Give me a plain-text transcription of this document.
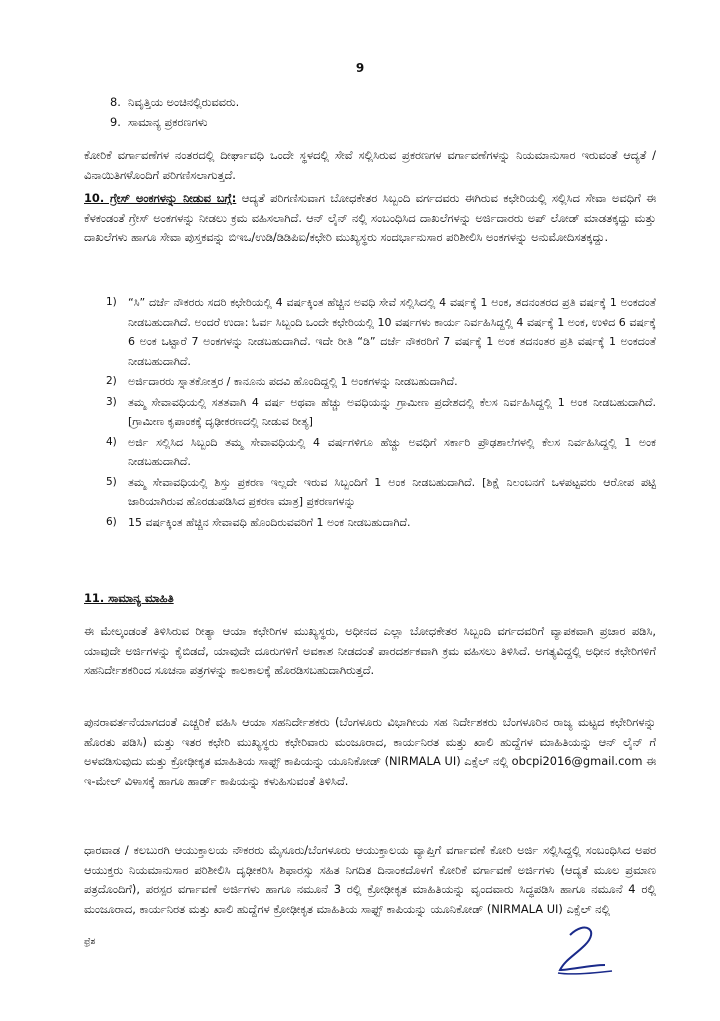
9
8. ನಿವೃತ್ತಿಯ ಅಂಚಿನಲ್ಲಿರುವವರು.
9. ಸಾಮಾನ್ಯ ಪ್ರಕರಣಗಳು
ಕೋರಿಕೆ ವರ್ಗಾವಣೆಗಳ ನಂತರದಲ್ಲಿ ದೀರ್ಘಾವಧಿ ಒಂದೇ ಸ್ಥಳದಲ್ಲಿ ಸೇವೆ ಸಲ್ಲಿಸಿರುವ ಪ್ರಕರಣಗಳ ವರ್ಗಾವಣೆಗಳನ್ನು ನಿಯಮಾನುಸಾರ ಇರುವಂತೆ ಆದ್ಯತೆ / ವಿನಾಯಿತಿಗಳೊಂದಿಗೆ ಪರಿಗಣಿಸಲಾಗುತ್ತದೆ.
10. ಗ್ರೇಸ್ ಅಂಕಗಳನ್ನು ನೀಡುವ ಬಗ್ಗೆ: ಆದ್ಯತೆ ಪರಿಗಣಿಸುವಾಗ ಬೋಧಕೇತರ ಸಿಬ್ಬಂದಿ ವರ್ಗದವರು ಈಗಿರುವ ಕಛೇರಿಯಲ್ಲಿ ಸಲ್ಲಿಸಿದ ಸೇವಾ ಅವಧಿಗೆ ಈ ಕೆಳಕಂಡಂತೆ ಗ್ರೇಸ್ ಅಂಕಗಳನ್ನು ನೀಡಲು ಕ್ರಮ ವಹಿಸಲಾಗಿದೆ. ಆನ್ ಲೈನ್ ನಲ್ಲಿ ಸಂಬಂಧಿಸಿದ ದಾಖಲೆಗಳನ್ನು ಅರ್ಜಿದಾರರು ಅಪ್ ಲೋಡ್ ಮಾಡತಕ್ಕದ್ದು ಮತ್ತು ದಾಖಲೆಗಳು ಹಾಗೂ ಸೇವಾ ಪುಸ್ತಕವನ್ನು ಬಿಇಒ/ಉಡಿ/ಡಿಡಿಪಿಐ/ಕಛೇರಿ ಮುಖ್ಯಸ್ಥರು ಸಂದರ್ಭಾನುಸಾರ ಪರಿಶೀಲಿಸಿ ಅಂಕಗಳನ್ನು ಅನುಮೋದಿಸತಕ್ಕದ್ದು.
1)	“ಸಿ” ದರ್ಜೆ ನೌಕರರು ಸದರಿ ಕಛೇರಿಯಲ್ಲಿ 4 ವರ್ಷಕ್ಕಿಂತ ಹೆಚ್ಚಿನ ಅವಧಿ ಸೇವೆ ಸಲ್ಲಿಸಿದಲ್ಲಿ 4 ವರ್ಷಕ್ಕೆ 1 ಅಂಕ, ತದನಂತರದ ಪ್ರತಿ ವರ್ಷಕ್ಕೆ 1 ಅಂಕದಂತೆ ನೀಡಬಹುದಾಗಿದೆ. ಅಂದರೆ ಉದಾ: ಓರ್ವ ಸಿಬ್ಬಂದಿ ಒಂದೇ ಕಛೇರಿಯಲ್ಲಿ 10 ವರ್ಷಗಳು ಕಾರ್ಯ ನಿರ್ವಹಿಸಿದ್ದಲ್ಲಿ 4 ವರ್ಷಕ್ಕೆ 1 ಅಂಕ, ಉಳಿದ 6 ವರ್ಷಕ್ಕೆ 6 ಅಂಕ ಒಟ್ಟಾರೆ 7 ಅಂಕಗಳನ್ನು ನೀಡಬಹುದಾಗಿದೆ. ಇದೇ ರೀತಿ “ಡಿ” ದರ್ಜೆ ನೌಕರರಿಗೆ 7 ವರ್ಷಕ್ಕೆ 1 ಅಂಕ ತದನಂತರ ಪ್ರತಿ ವರ್ಷಕ್ಕೆ 1 ಅಂಕದಂತೆ ನೀಡಬಹುದಾಗಿದೆ.
2)	ಅರ್ಜಿದಾರರು ಸ್ನಾತಕೋತ್ತರ / ಕಾನೂನು ಪದವಿ ಹೊಂದಿದ್ದಲ್ಲಿ 1 ಅಂಕಗಳನ್ನು ನೀಡಬಹುದಾಗಿದೆ.
3)	ತಮ್ಮ ಸೇವಾವಧಿಯಲ್ಲಿ ಸತತವಾಗಿ 4 ವರ್ಷ ಅಥವಾ ಹೆಚ್ಚು ಅವಧಿಯನ್ನು ಗ್ರಾಮೀಣ ಪ್ರದೇಶದಲ್ಲಿ ಕೆಲಸ ನಿರ್ವಹಿಸಿದ್ದಲ್ಲಿ 1 ಅಂಕ ನೀಡಬಹುದಾಗಿದೆ. [ಗ್ರಾಮೀಣ ಕೃಪಾಂಕಕ್ಕೆ ದೃಢೀಕರಣದಲ್ಲಿ ನೀಡುವ ರೀತ್ಯ]
4)	ಅರ್ಜಿ ಸಲ್ಲಿಸಿದ ಸಿಬ್ಬಂದಿ ತಮ್ಮ ಸೇವಾವಧಿಯಲ್ಲಿ 4 ವರ್ಷಗಳಿಗೂ ಹೆಚ್ಚು ಅವಧಿಗೆ ಸರ್ಕಾರಿ ಪ್ರೌಢಶಾಲೆಗಳಲ್ಲಿ ಕೆಲಸ ನಿರ್ವಹಿಸಿದ್ದಲ್ಲಿ 1 ಅಂಕ ನೀಡಬಹುದಾಗಿದೆ.
5)	ತಮ್ಮ ಸೇವಾವಧಿಯಲ್ಲಿ ಶಿಸ್ತು ಪ್ರಕರಣ ಇಲ್ಲದೇ ಇರುವ ಸಿಬ್ಬಂದಿಗೆ 1 ಅಂಕ ನೀಡಬಹುದಾಗಿದೆ. [ಶಿಕ್ಷೆ ನಿಲಂಬನಗೆ ಒಳಪಟ್ಟವರು ಆರೋಪ ಪಟ್ಟಿ ಜಾರಿಯಾಗಿರುವ ಹೊರಡುಪಡಿಸಿದ ಪ್ರಕರಣ ಮಾತ್ರ] ಪ್ರಕರಣಗಳನ್ನು
6)	15 ವರ್ಷಕ್ಕಿಂತ ಹೆಚ್ಚಿನ ಸೇವಾವಧಿ ಹೊಂದಿರುವವರಿಗೆ 1 ಅಂಕ ನೀಡಬಹುದಾಗಿದೆ.
11. ಸಾಮಾನ್ಯ ಮಾಹಿತಿ
ಈ ಮೇಲ್ಕಂಡಂತೆ ತಿಳಿಸಿರುವ ರೀತ್ಯಾ ಆಯಾ ಕಛೇರಿಗಳ ಮುಖ್ಯಸ್ಥರು, ಅಧೀನದ ಎಲ್ಲಾ ಬೋಧಕೇತರ ಸಿಬ್ಬಂದಿ ವರ್ಗದವರಿಗೆ ವ್ಯಾಪಕವಾಗಿ ಪ್ರಚಾರ ಪಡಿಸಿ, ಯಾವುದೇ ಅರ್ಜಿಗಳನ್ನು ಕೈಬಿಡದೆ, ಯಾವುದೇ ದೂರುಗಳಿಗೆ ಅವಕಾಶ ನೀಡದಂತೆ ಪಾರದರ್ಶಕವಾಗಿ ಕ್ರಮ ವಹಿಸಲು ತಿಳಿಸಿದೆ. ಅಗತ್ಯವಿದ್ದಲ್ಲಿ ಅಧೀನ ಕಛೇರಿಗಳಿಗೆ ಸಹನಿರ್ದೇಶಕರಿಂದ ಸೂಚನಾ ಪತ್ರಗಳನ್ನು ಕಾಲಕಾಲಕ್ಕೆ ಹೊರಡಿಸಬಹುದಾಗಿರುತ್ತದೆ.
ಪುನರಾವರ್ತನೆಯಾಗದಂತೆ ಎಚ್ಚರಿಕೆ ವಹಿಸಿ ಆಯಾ ಸಹನಿರ್ದೇಶಕರು (ಬೆಂಗಳೂರು ವಿಭಾಗೀಯ ಸಹ ನಿರ್ದೇಶಕರು ಬೆಂಗಳೂರಿನ ರಾಜ್ಯ ಮಟ್ಟದ ಕಛೇರಿಗಳನ್ನು ಹೊರತು ಪಡಿಸಿ) ಮತ್ತು ಇತರ ಕಛೇರಿ ಮುಖ್ಯಸ್ಥರು ಕಛೇರಿವಾರು ಮಂಜೂರಾದ, ಕಾರ್ಯನಿರತ ಮತ್ತು ಖಾಲಿ ಹುದ್ದೆಗಳ ಮಾಹಿತಿಯನ್ನು ಆನ್ ಲೈನ್ ಗೆ ಅಳವಡಿಸುವುದು ಮತ್ತು ಕ್ರೋಢೀಕೃತ ಮಾಹಿತಿಯ ಸಾಫ್ಟ್ ಕಾಪಿಯನ್ನು ಯೂನಿಕೋಡ್ (NIRMALA UI) ಎಕ್ಸೆಲ್ ನಲ್ಲಿ obcpi2016@gmail.com ಈ ಇ-ಮೇಲ್ ವಿಳಾಸಕ್ಕೆ ಹಾಗೂ ಹಾರ್ಡ್ ಕಾಪಿಯನ್ನು ಕಳುಹಿಸುವಂತೆ ತಿಳಿಸಿದೆ.
ಧಾರವಾಡ / ಕಲಬುರಗಿ ಆಯುಕ್ತಾಲಯ ನೌಕರರು ಮೈಸೂರು/ಬೆಂಗಳೂರು ಆಯುಕ್ತಾಲಯ ವ್ಯಾಪ್ತಿಗೆ ವರ್ಗಾವಣೆ ಕೋರಿ ಅರ್ಜಿ ಸಲ್ಲಿಸಿದ್ದಲ್ಲಿ ಸಂಬಂಧಿಸಿದ ಅಪರ ಆಯುಕ್ತರು ನಿಯಮಾನುಸಾರ ಪರಿಶೀಲಿಸಿ ದೃಢೀಕರಿಸಿ ಶಿಫಾರಸ್ಸು ಸಹಿತ ನಿಗದಿತ ದಿನಾಂಕದೊಳಗೆ ಕೋರಿಕೆ ವರ್ಗಾವಣೆ ಅರ್ಜಿಗಳು (ಆದ್ಯತೆ ಮೂಲ ಪ್ರಮಾಣ ಪತ್ರದೊಂದಿಗೆ), ಪರಸ್ಪರ ವರ್ಗಾವಣೆ ಅರ್ಜಿಗಳು ಹಾಗೂ ನಮೂನೆ 3 ರಲ್ಲಿ ಕ್ರೋಢೀಕೃತ ಮಾಹಿತಿಯನ್ನು ವೃಂದವಾರು ಸಿದ್ಧಪಡಿಸಿ ಹಾಗೂ ನಮೂನೆ 4 ರಲ್ಲಿ ಮಂಜೂರಾದ, ಕಾರ್ಯನಿರತ ಮತ್ತು ಖಾಲಿ ಹುದ್ದೆಗಳ ಕ್ರೋಢೀಕೃತ ಮಾಹಿತಿಯ ಸಾಫ್ಟ್ ಕಾಪಿಯನ್ನು ಯೂನಿಕೋಡ್ (NIRMALA UI) ಎಕ್ಸೆಲ್ ನಲ್ಲಿ
ಫ್ರೆಶ
